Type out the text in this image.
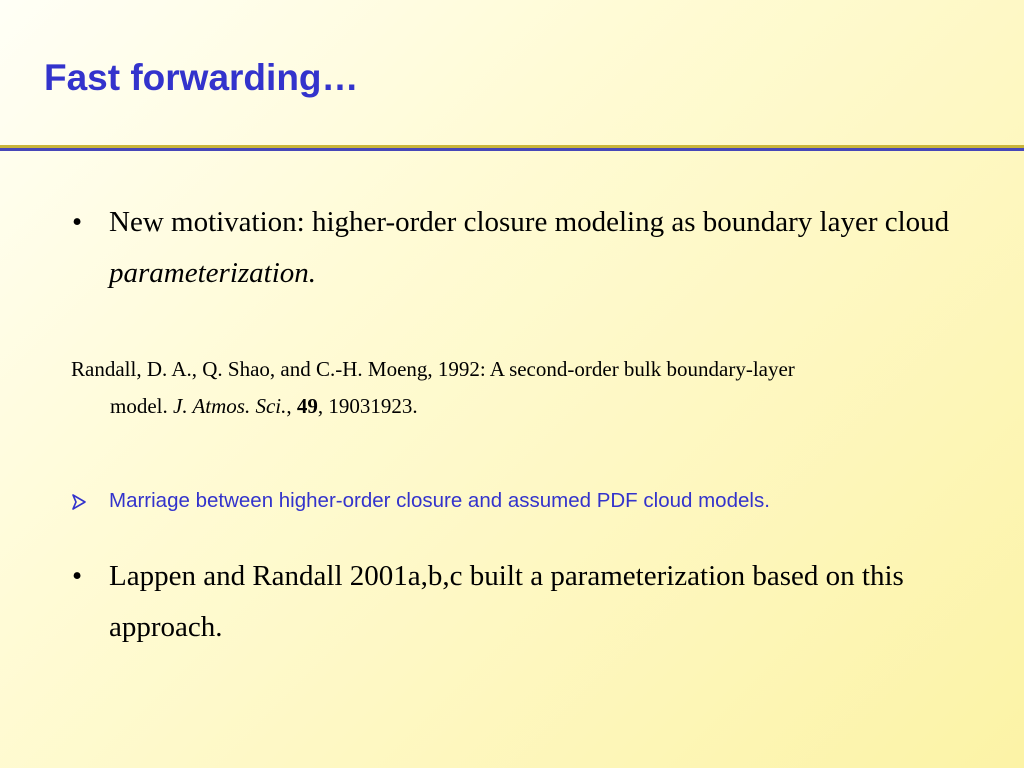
Fast forwarding…
• New motivation: higher-order closure modeling as boundary layer cloud parameterization.
Randall, D. A., Q. Shao, and C.-H. Moeng, 1992: A second-order bulk boundary-layer
model. J. Atmos. Sci., 49, 19031923.
Marriage between higher-order closure and assumed PDF cloud models.
• Lappen and Randall 2001a,b,c built a parameterization based on this approach.
